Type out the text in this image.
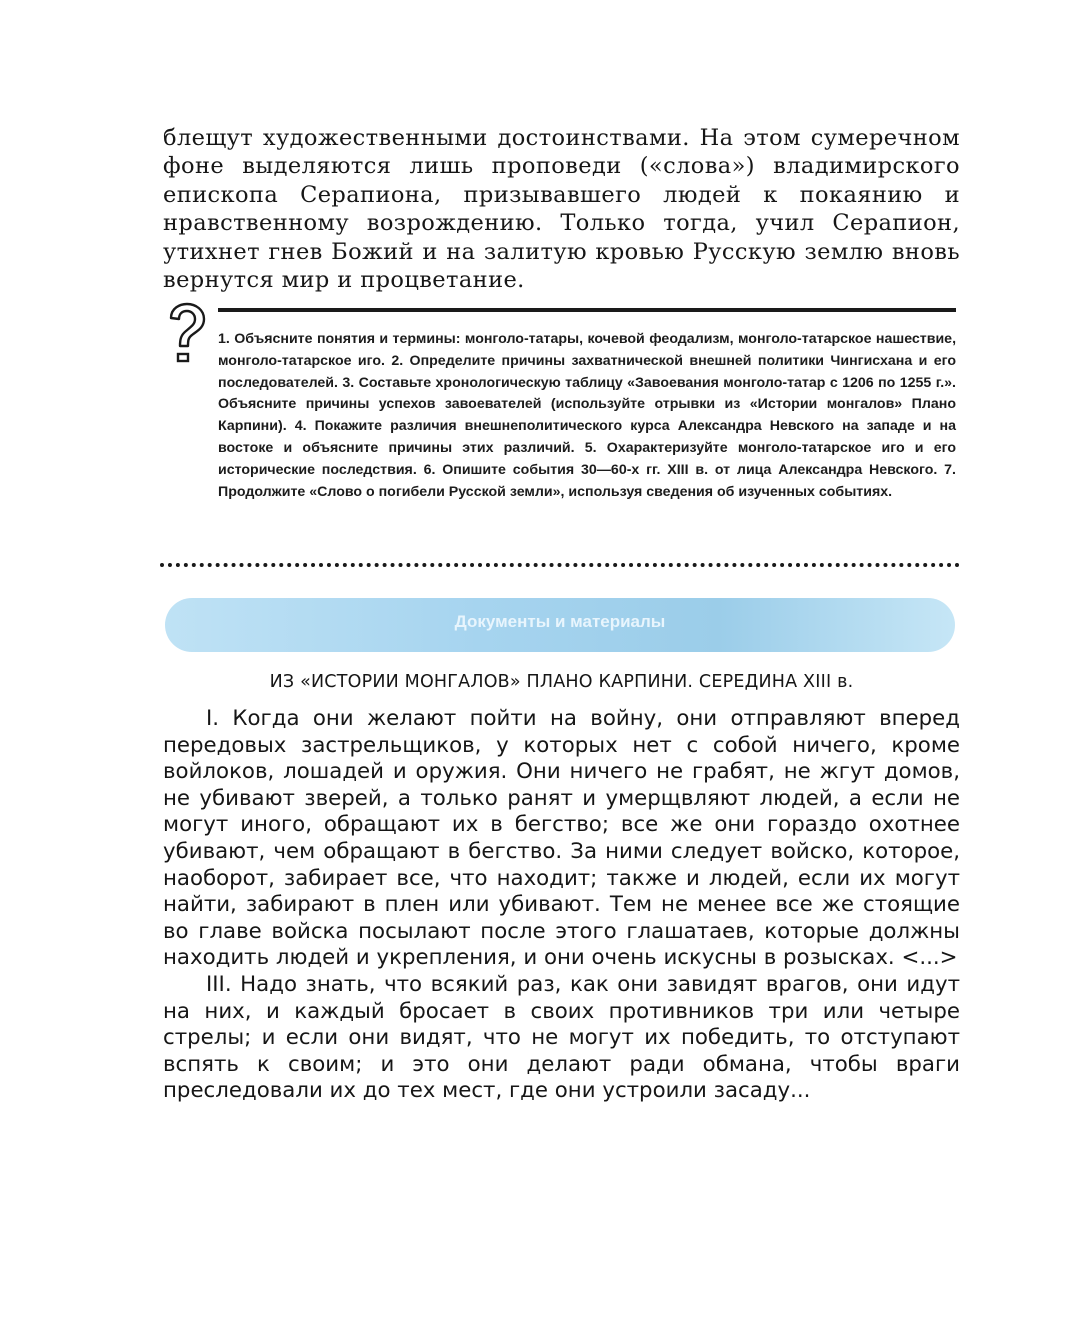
блещут художественными достоинствами. На этом сумеречном фоне выделяются лишь проповеди («слова») владимирского епископа Серапиона, призывавшего людей к покаянию и нравственному возрождению. Только тогда, учил Серапион, утихнет гнев Божий и на залитую кровью Русскую землю вновь вернутся мир и процветание.

1. Объясните понятия и термины: монголо-татары, кочевой феодализм, монголо-татарское нашествие, монголо-татарское иго. 2. Определите причины захватнической внешней политики Чингисхана и его последователей. 3. Составьте хронологическую таблицу «Завоевания монголо-татар с 1206 по 1255 г.». Объясните причины успехов завоевателей (используйте отрывки из «Истории монгалов» Плано Карпини). 4. Покажите различия внешнеполитического курса Александра Невского на западе и на востоке и объясните причины этих различий. 5. Охарактеризуйте монголо-татарское иго и его исторические последствия. 6. Опишите события 30—60-х гг. XIII в. от лица Александра Невского. 7. Продолжите «Слово о погибели Русской земли», используя сведения об изученных событиях.
Документы и материалы
ИЗ «ИСТОРИИ МОНГАЛОВ» ПЛАНО КАРПИНИ. СЕРЕДИНА XIII в.

I. Когда они желают пойти на войну, они отправляют вперед передовых застрельщиков, у которых нет с собой ничего, кроме войлоков, лошадей и оружия. Они ничего не грабят, не жгут домов, не убивают зверей, а только ранят и умерщвляют людей, а если не могут иного, обращают их в бегство; все же они гораздо охотнее убивают, чем обращают в бегство. За ними следует войско, которое, наоборот, забирает все, что находит; также и людей, если их могут найти, забирают в плен или убивают. Тем не менее все же стоящие во главе войска посылают после этого глашатаев, которые должны находить людей и укрепления, и они очень искусны в розысках. <...>

III. Надо знать, что всякий раз, как они завидят врагов, они идут на них, и каждый бросает в своих противников три или четыре стрелы; и если они видят, что не могут их победить, то отступают вспять к своим; и это они делают ради обмана, чтобы враги преследовали их до тех мест, где они устроили засаду...
